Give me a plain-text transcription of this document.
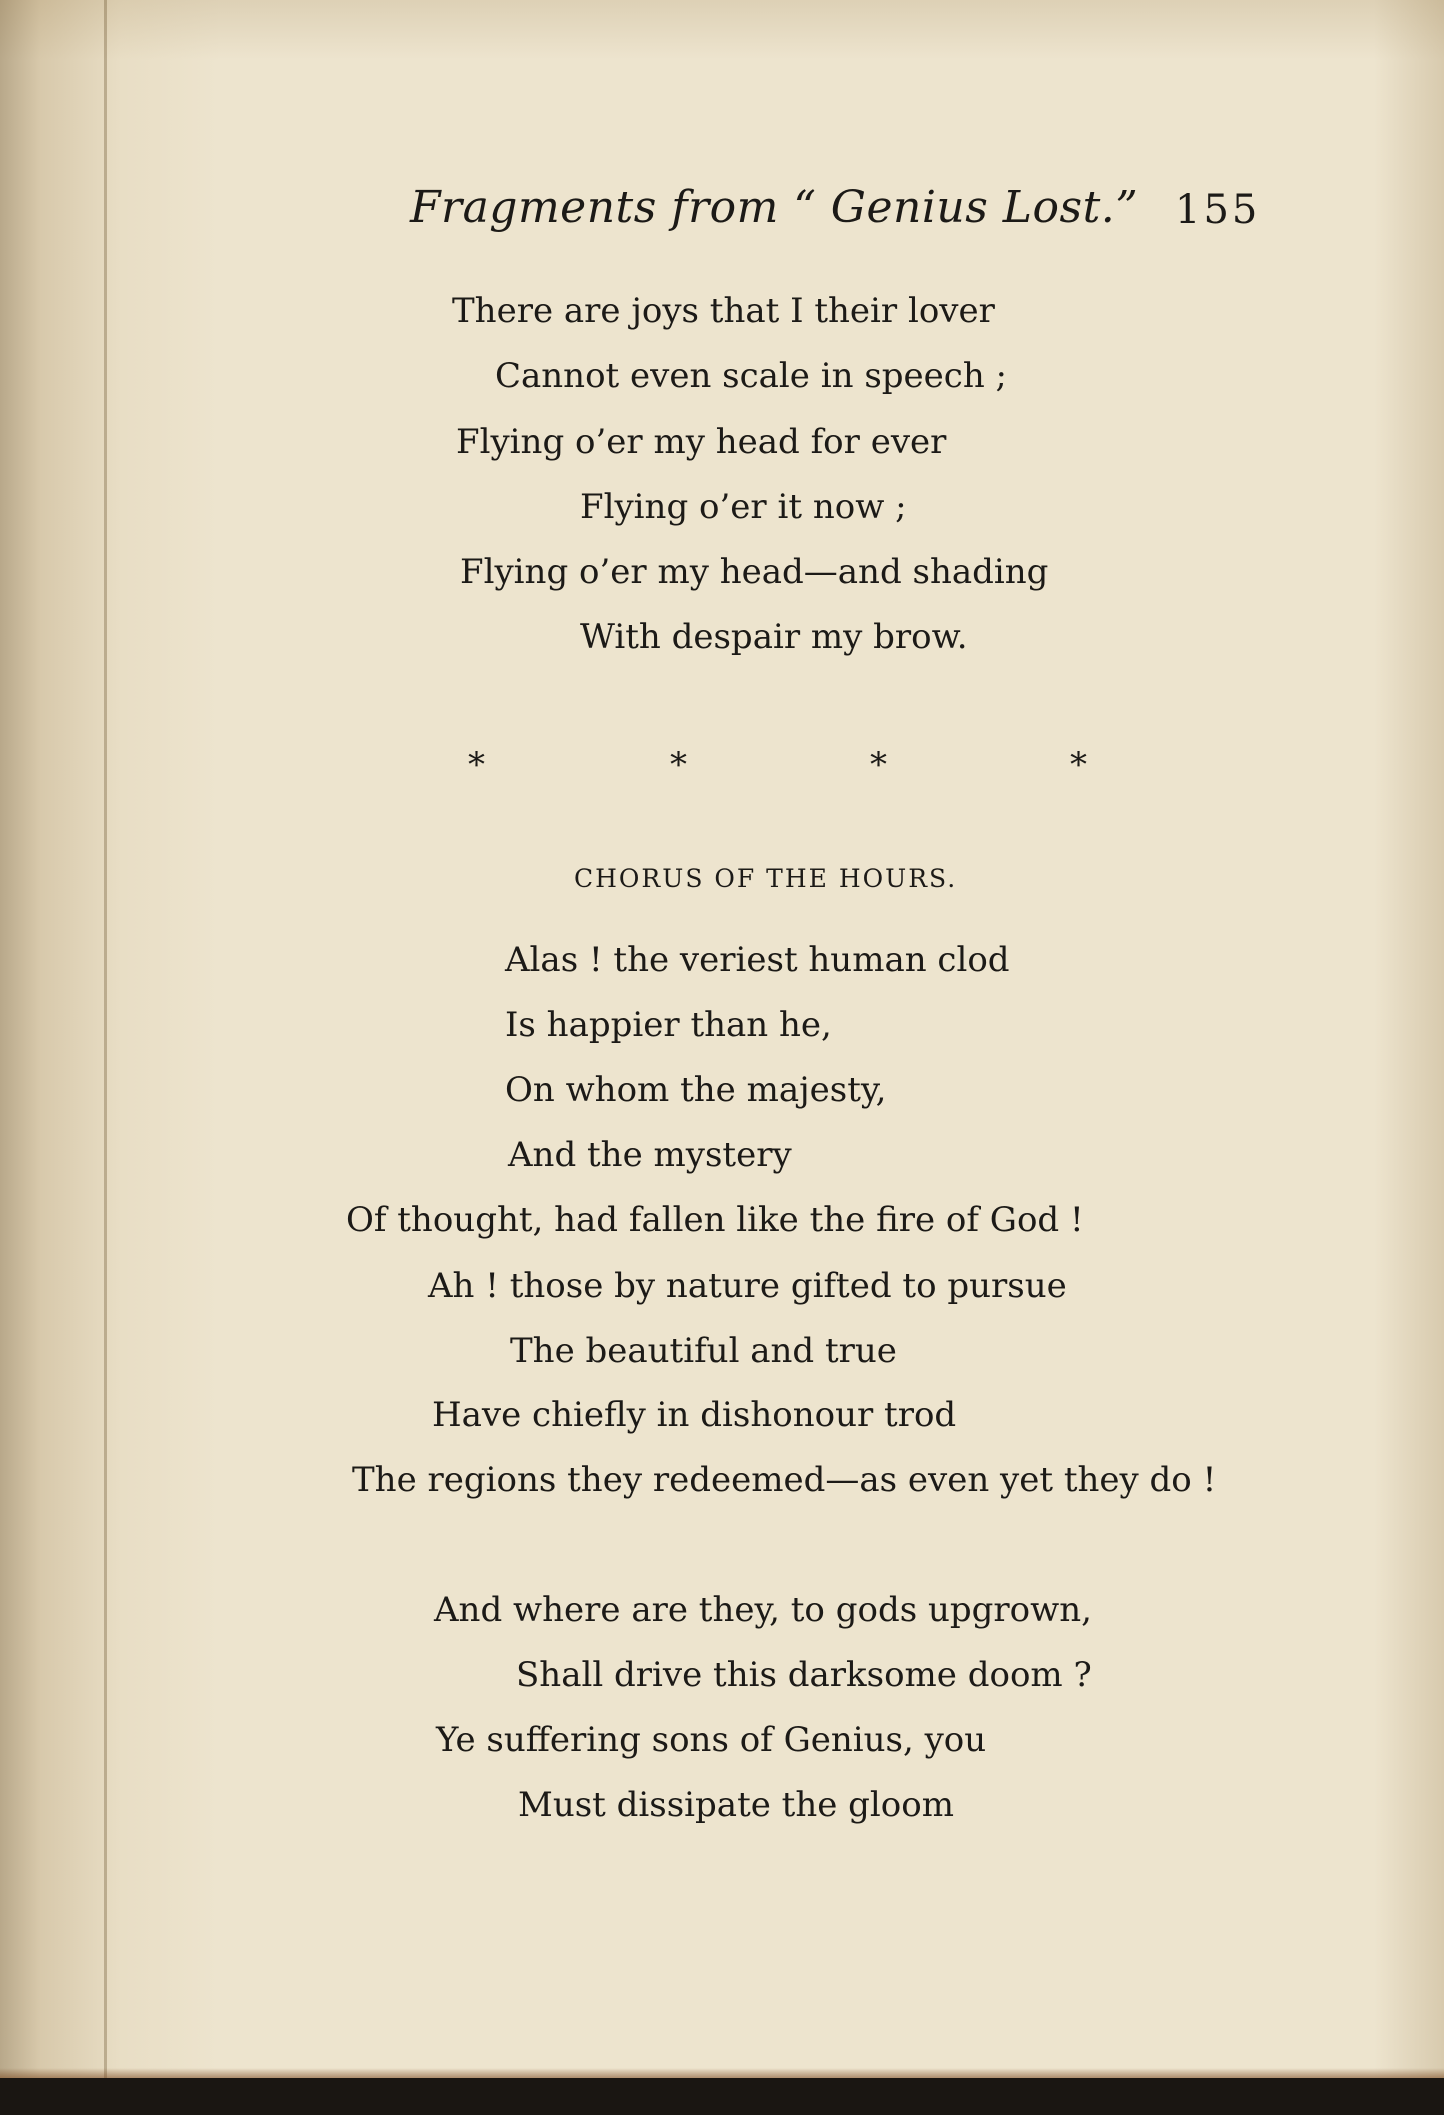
Fragments from “ Genius Lost.” 155
There are joys that I their lover
Cannot even scale in speech ;
Flying o’er my head for ever
Flying o’er it now ;
Flying o’er my head—and shading
With despair my brow.
*	*	*	*
CHORUS OF THE HOURS.
Alas ! the veriest human clod
Is happier than he,
On whom the majesty,
And the mystery
Of thought, had fallen like the fire of God !
Ah ! those by nature gifted to pursue
The beautiful and true
Have chiefly in dishonour trod
The regions they redeemed—as even yet they do !
And where are they, to gods upgrown,
Shall drive this darksome doom ?
Ye suffering sons of Genius, you
Must dissipate the gloom
